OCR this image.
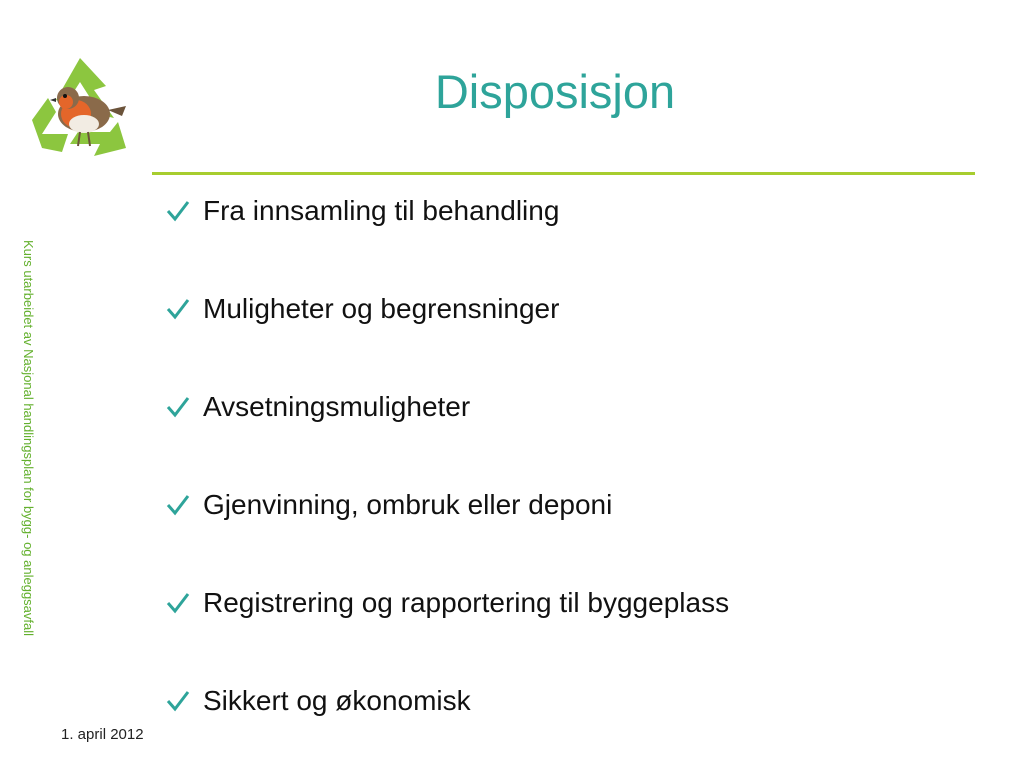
Disposisjon
Kurs utarbeidet av Nasjonal handlingsplan for bygg- og anleggsavfall
Fra innsamling til behandling
Muligheter og begrensninger
Avsetningsmuligheter
Gjenvinning, ombruk eller deponi
Registrering og rapportering til byggeplass
Sikkert og økonomisk
1. april 2012
